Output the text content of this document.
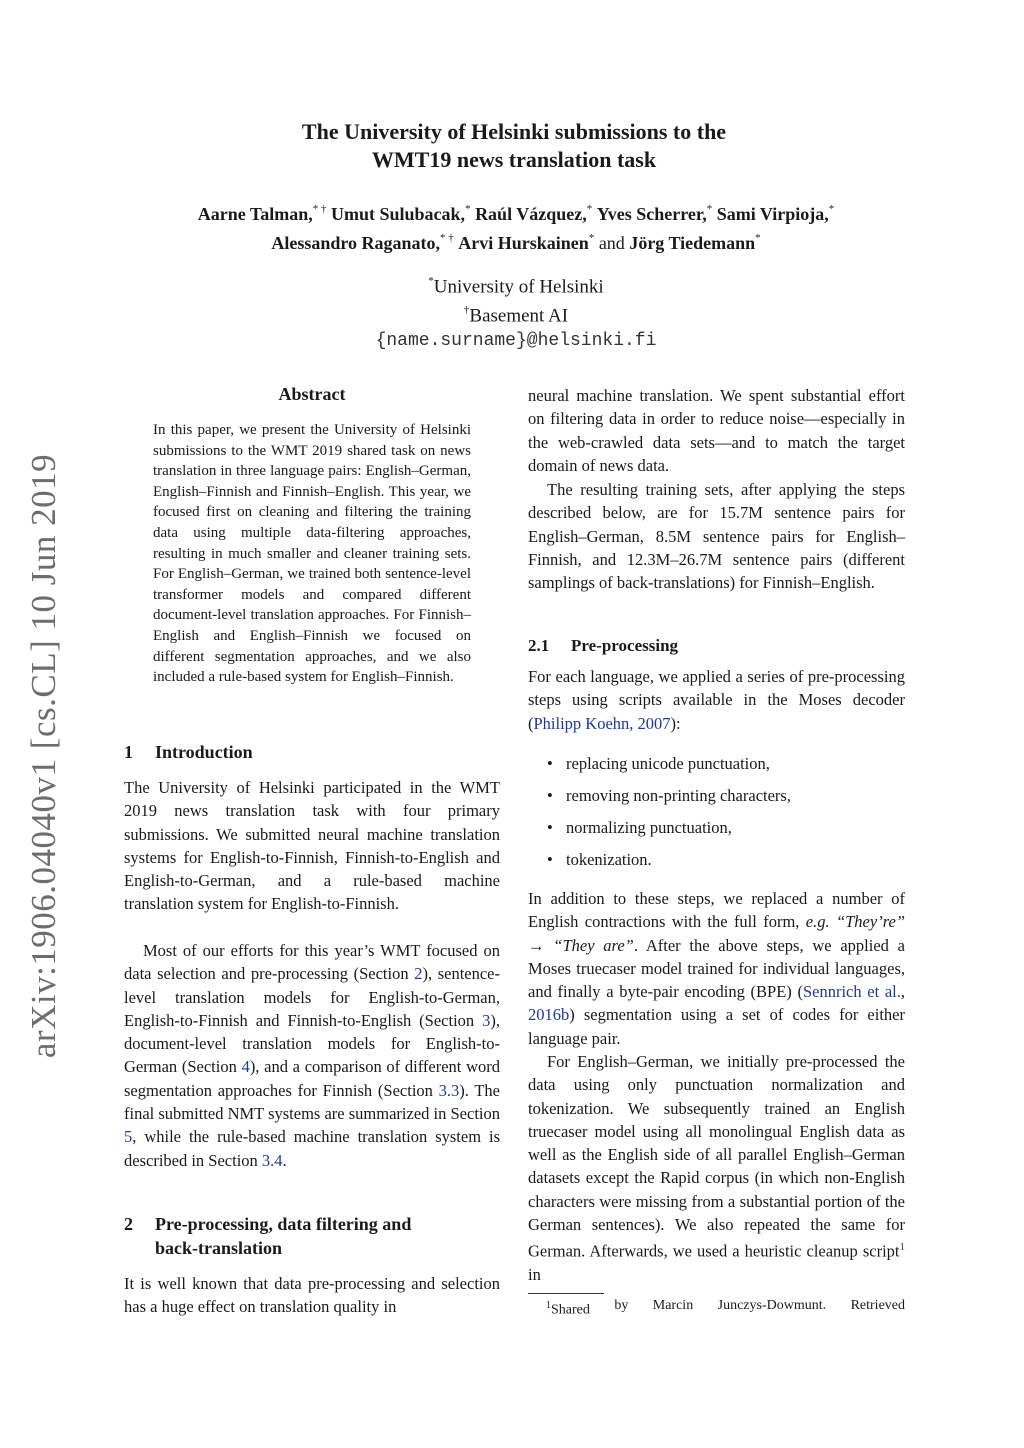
arXiv:1906.04040v1 [cs.CL] 10 Jun 2019
The University of Helsinki submissions to the
WMT19 news translation task
Aarne Talman,* † Umut Sulubacak,* Raúl Vázquez,* Yves Scherrer,* Sami Virpioja,*
Alessandro Raganato,* † Arvi Hurskainen* and Jörg Tiedemann*
*University of Helsinki
†Basement AI
{name.surname}@helsinki.fi
Abstract

In this paper, we present the University of Helsinki submissions to the WMT 2019 shared task on news translation in three language pairs: English–German, English–Finnish and Finnish–English. This year, we focused first on cleaning and filtering the training data using multiple data-filtering approaches, resulting in much smaller and cleaner training sets. For English–German, we trained both sentence-level transformer models and compared different document-level translation approaches. For Finnish–English and English–Finnish we focused on different segmentation approaches, and we also included a rule-based system for English–Finnish.

1 Introduction

The University of Helsinki participated in the WMT 2019 news translation task with four primary submissions. We submitted neural machine translation systems for English-to-Finnish, Finnish-to-English and English-to-German, and a rule-based machine translation system for English-to-Finnish.

Most of our efforts for this year’s WMT focused on data selection and pre-processing (Section 2), sentence-level translation models for English-to-German, English-to-Finnish and Finnish-to-English (Section 3), document-level translation models for English-to-German (Section 4), and a comparison of different word segmentation approaches for Finnish (Section 3.3). The final submitted NMT systems are summarized in Section 5, while the rule-based machine translation system is described in Section 3.4.

2 Pre-processing, data filtering and
back-translation

It is well known that data pre-processing and selection has a huge effect on translation quality in

neural machine translation. We spent substantial effort on filtering data in order to reduce noise—especially in the web-crawled data sets—and to match the target domain of news data.

The resulting training sets, after applying the steps described below, are for 15.7M sentence pairs for English–German, 8.5M sentence pairs for English–Finnish, and 12.3M–26.7M sentence pairs (different samplings of back-translations) for Finnish–English.

2.1 Pre-processing

For each language, we applied a series of pre-processing steps using scripts available in the Moses decoder (Philipp Koehn, 2007):

• replacing unicode punctuation,
• removing non-printing characters,
• normalizing punctuation,
• tokenization.

In addition to these steps, we replaced a number of English contractions with the full form, e.g. “They’re” → “They are”. After the above steps, we applied a Moses truecaser model trained for individual languages, and finally a byte-pair encoding (BPE) (Sennrich et al., 2016b) segmentation using a set of codes for either language pair.

For English–German, we initially pre-processed the data using only punctuation normalization and tokenization. We subsequently trained an English truecaser model using all monolingual English data as well as the English side of all parallel English–German datasets except the Rapid corpus (in which non-English characters were missing from a substantial portion of the German sentences). We also repeated the same for German. Afterwards, we used a heuristic cleanup script$^1$ in

$^1$Shared by Marcin Junczys-Dowmunt. Retrieved
